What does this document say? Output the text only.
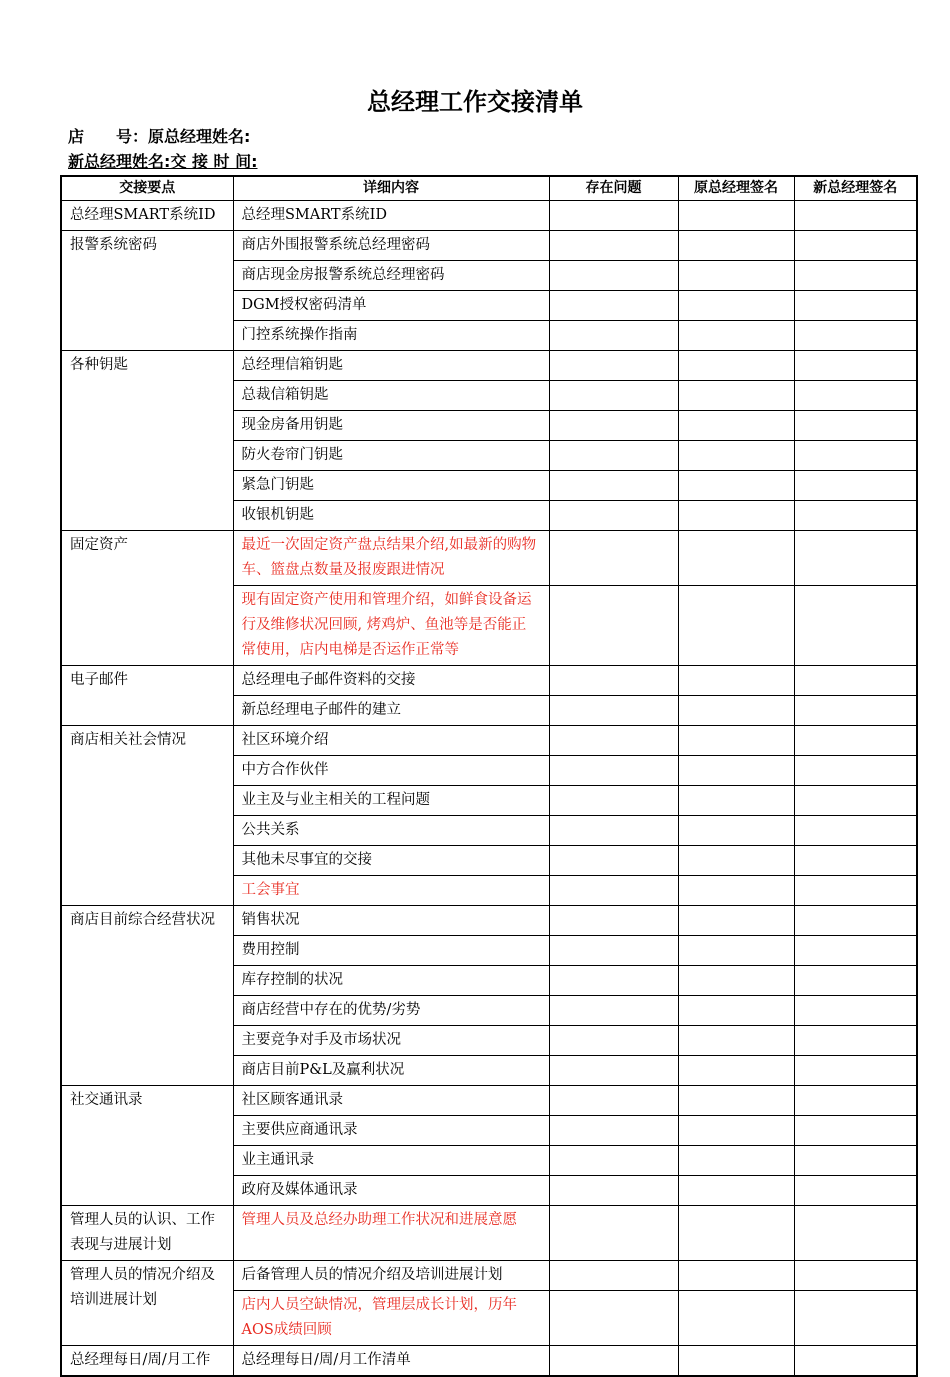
总经理工作交接清单
店　　号：原总经理姓名:
新总经理姓名:交 接 时 间:
交接要点	详细内容	存在问题	原总经理签名	新总经理签名
总经理SMART系统ID	总经理SMART系统ID			
报警系统密码	商店外围报警系统总经理密码			
	商店现金房报警系统总经理密码			
	DGM授权密码清单			
	门控系统操作指南			
各种钥匙	总经理信箱钥匙			
	总裁信箱钥匙			
	现金房备用钥匙			
	防火卷帘门钥匙			
	紧急门钥匙			
	收银机钥匙			
固定资产	最近一次固定资产盘点结果介绍,如最新的购物车、篮盘点数量及报废跟进情况			
	现有固定资产使用和管理介绍，如鲜食设备运行及维修状况回顾, 烤鸡炉、鱼池等是否能正常使用，店内电梯是否运作正常等			
电子邮件	总经理电子邮件资料的交接			
	新总经理电子邮件的建立			
商店相关社会情况	社区环境介绍			
	中方合作伙伴			
	业主及与业主相关的工程问题			
	公共关系			
	其他未尽事宜的交接			
	工会事宜			
商店目前综合经营状况	销售状况			
	费用控制			
	库存控制的状况			
	商店经营中存在的优势/劣势			
	主要竞争对手及市场状况			
	商店目前P&L及赢利状况			
社交通讯录	社区顾客通讯录			
	主要供应商通讯录			
	业主通讯录			
	政府及媒体通讯录			
管理人员的认识、工作表现与进展计划	管理人员及总经办助理工作状况和进展意愿			
管理人员的情况介绍及培训进展计划	后备管理人员的情况介绍及培训进展计划			
	店内人员空缺情况，管理层成长计划，历年AOS成绩回顾			
总经理每日/周/月工作	总经理每日/周/月工作清单			
